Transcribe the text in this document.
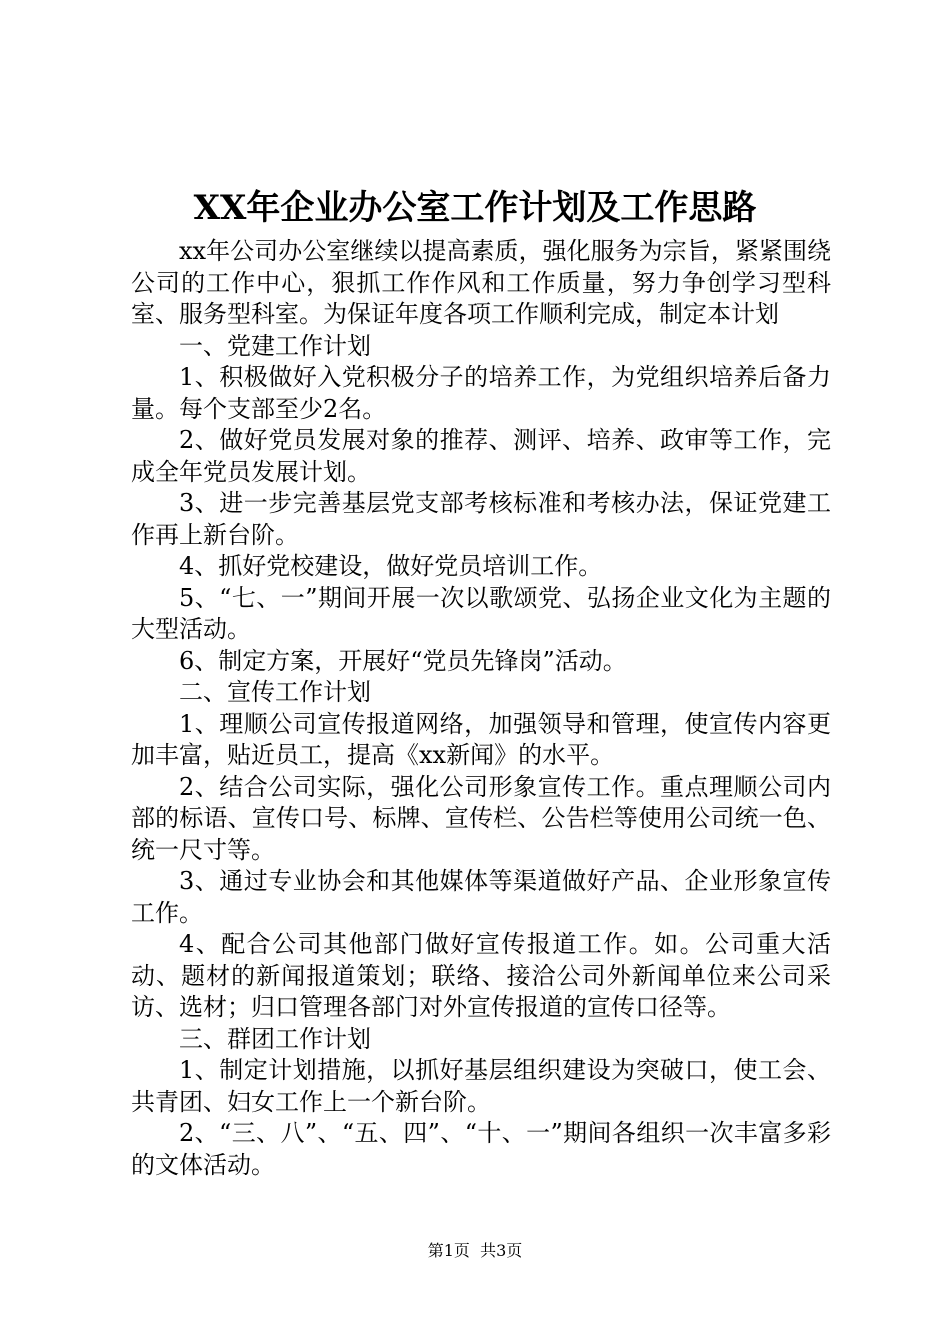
XX年企业办公室工作计划及工作思路

xx年公司办公室继续以提高素质，强化服务为宗旨，紧紧围绕公司的工作中心，狠抓工作作风和工作质量，努力争创学习型科室、服务型科室。为保证年度各项工作顺利完成，制定本计划

一、党建工作计划

1、积极做好入党积极分子的培养工作，为党组织培养后备力量。每个支部至少2名。

2、做好党员发展对象的推荐、测评、培养、政审等工作，完成全年党员发展计划。

3、进一步完善基层党支部考核标准和考核办法，保证党建工作再上新台阶。

4、抓好党校建设，做好党员培训工作。

5、“七、一”期间开展一次以歌颂党、弘扬企业文化为主题的大型活动。

6、制定方案，开展好“党员先锋岗”活动。

二、宣传工作计划

1、理顺公司宣传报道网络，加强领导和管理，使宣传内容更加丰富，贴近员工，提高《xx新闻》的水平。

2、结合公司实际，强化公司形象宣传工作。重点理顺公司内部的标语、宣传口号、标牌、宣传栏、公告栏等使用公司统一色、统一尺寸等。

3、通过专业协会和其他媒体等渠道做好产品、企业形象宣传工作。

4、配合公司其他部门做好宣传报道工作。如。公司重大活动、题材的新闻报道策划；联络、接洽公司外新闻单位来公司采访、选材；归口管理各部门对外宣传报道的宣传口径等。

三、群团工作计划

1、制定计划措施，以抓好基层组织建设为突破口，使工会、共青团、妇女工作上一个新台阶。

2、“三、八”、“五、四”、“十、一”期间各组织一次丰富多彩的文体活动。

第1页  共3页
